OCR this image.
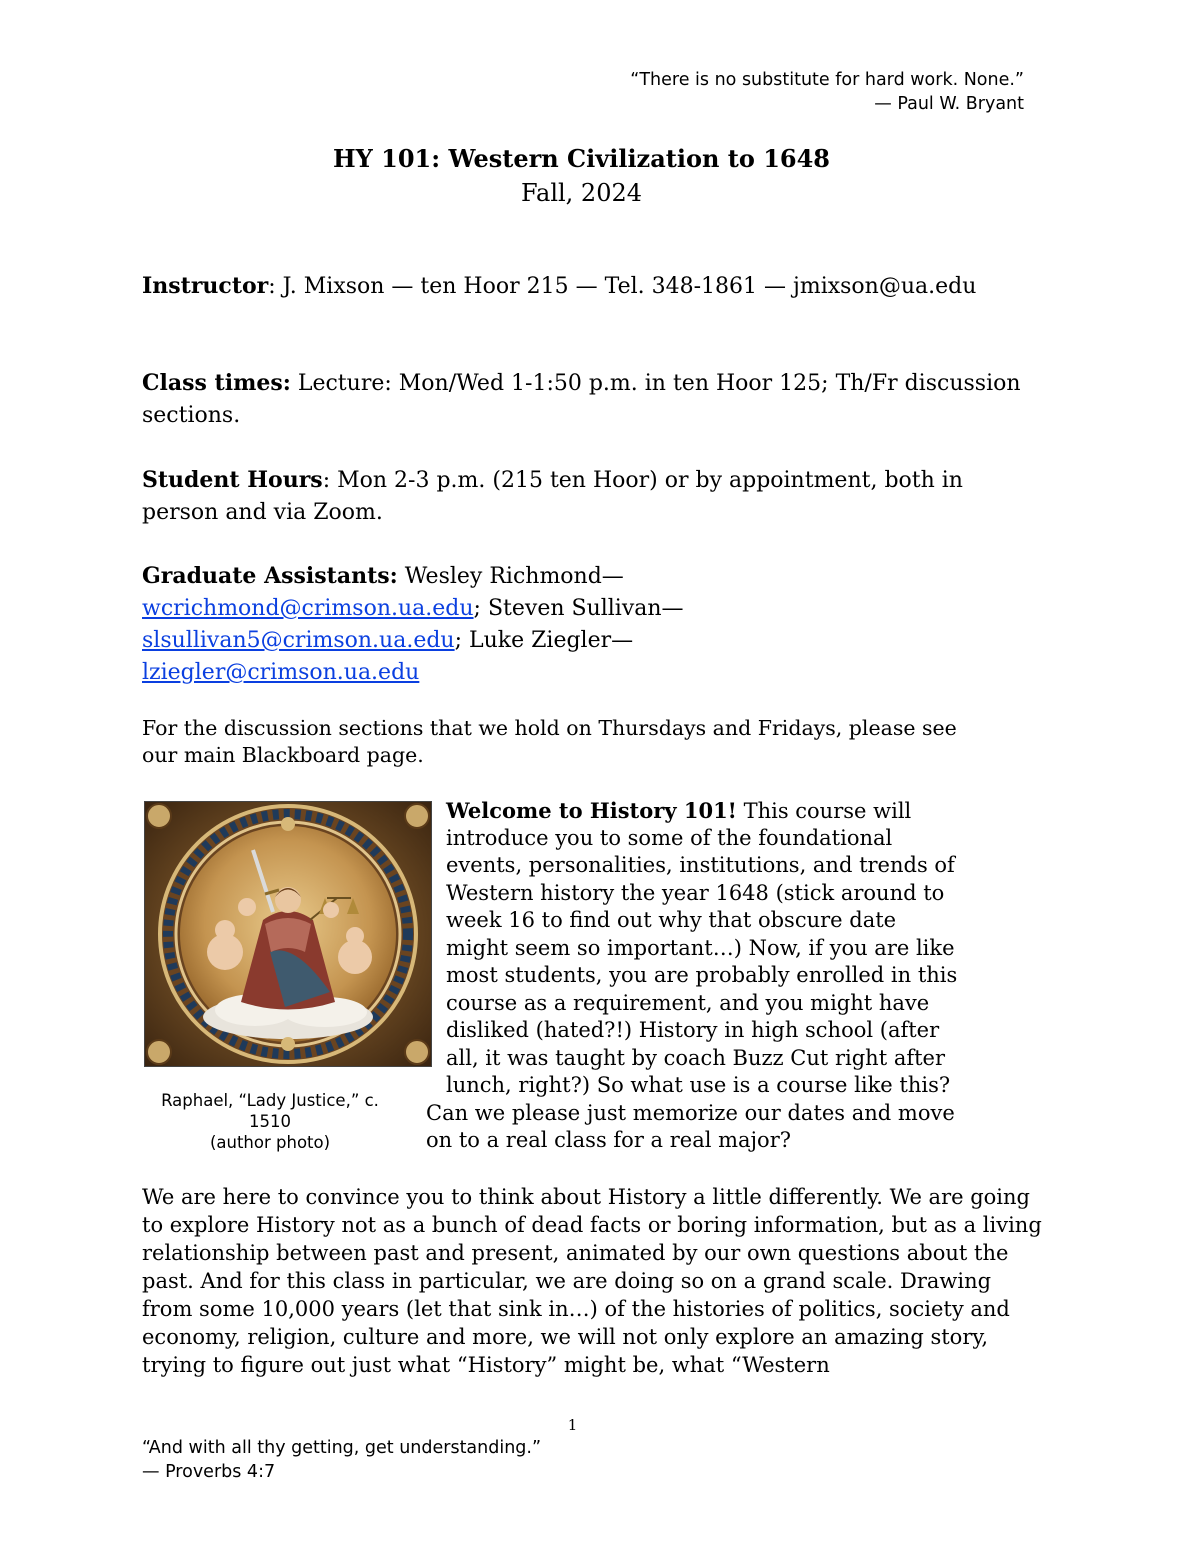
“There is no substitute for hard work. None.”
— Paul W. Bryant
HY 101: Western Civilization to 1648
Fall, 2024
Instructor: J. Mixson — ten Hoor 215 — Tel. 348-1861 — jmixson@ua.edu
Class times: Lecture: Mon/Wed 1-1:50 p.m. in ten Hoor 125; Th/Fr discussion sections.
Student Hours: Mon 2-3 p.m. (215 ten Hoor) or by appointment, both in person and via Zoom.
Graduate Assistants: Wesley Richmond— wcrichmond@crimson.ua.edu; Steven Sullivan— slsullivan5@crimson.ua.edu; Luke Ziegler— lziegler@crimson.ua.edu
For the discussion sections that we hold on Thursdays and Fridays, please see our main Blackboard page.
Raphael, “Lady Justice,” c. 1510
(author photo)
Welcome to History 101! This course will
introduce you to some of the foundational
events, personalities, institutions, and trends of
Western history the year 1648 (stick around to
week 16 to find out why that obscure date
might seem so important…) Now, if you are like
most students, you are probably enrolled in this
course as a requirement, and you might have
disliked (hated?!) History in high school (after
all, it was taught by coach Buzz Cut right after
lunch, right?) So what use is a course like this?
Can we please just memorize our dates and move
on to a real class for a real major?
We are here to convince you to think about History a little differently. We are going to explore History not as a bunch of dead facts or boring information, but as a living relationship between past and present, animated by our own questions about the past. And for this class in particular, we are doing so on a grand scale. Drawing from some 10,000 years (let that sink in…) of the histories of politics, society and economy, religion, culture and more, we will not only explore an amazing story, trying to figure out just what “History” might be, what “Western
1
“And with all thy getting, get understanding.”
— Proverbs 4:7
